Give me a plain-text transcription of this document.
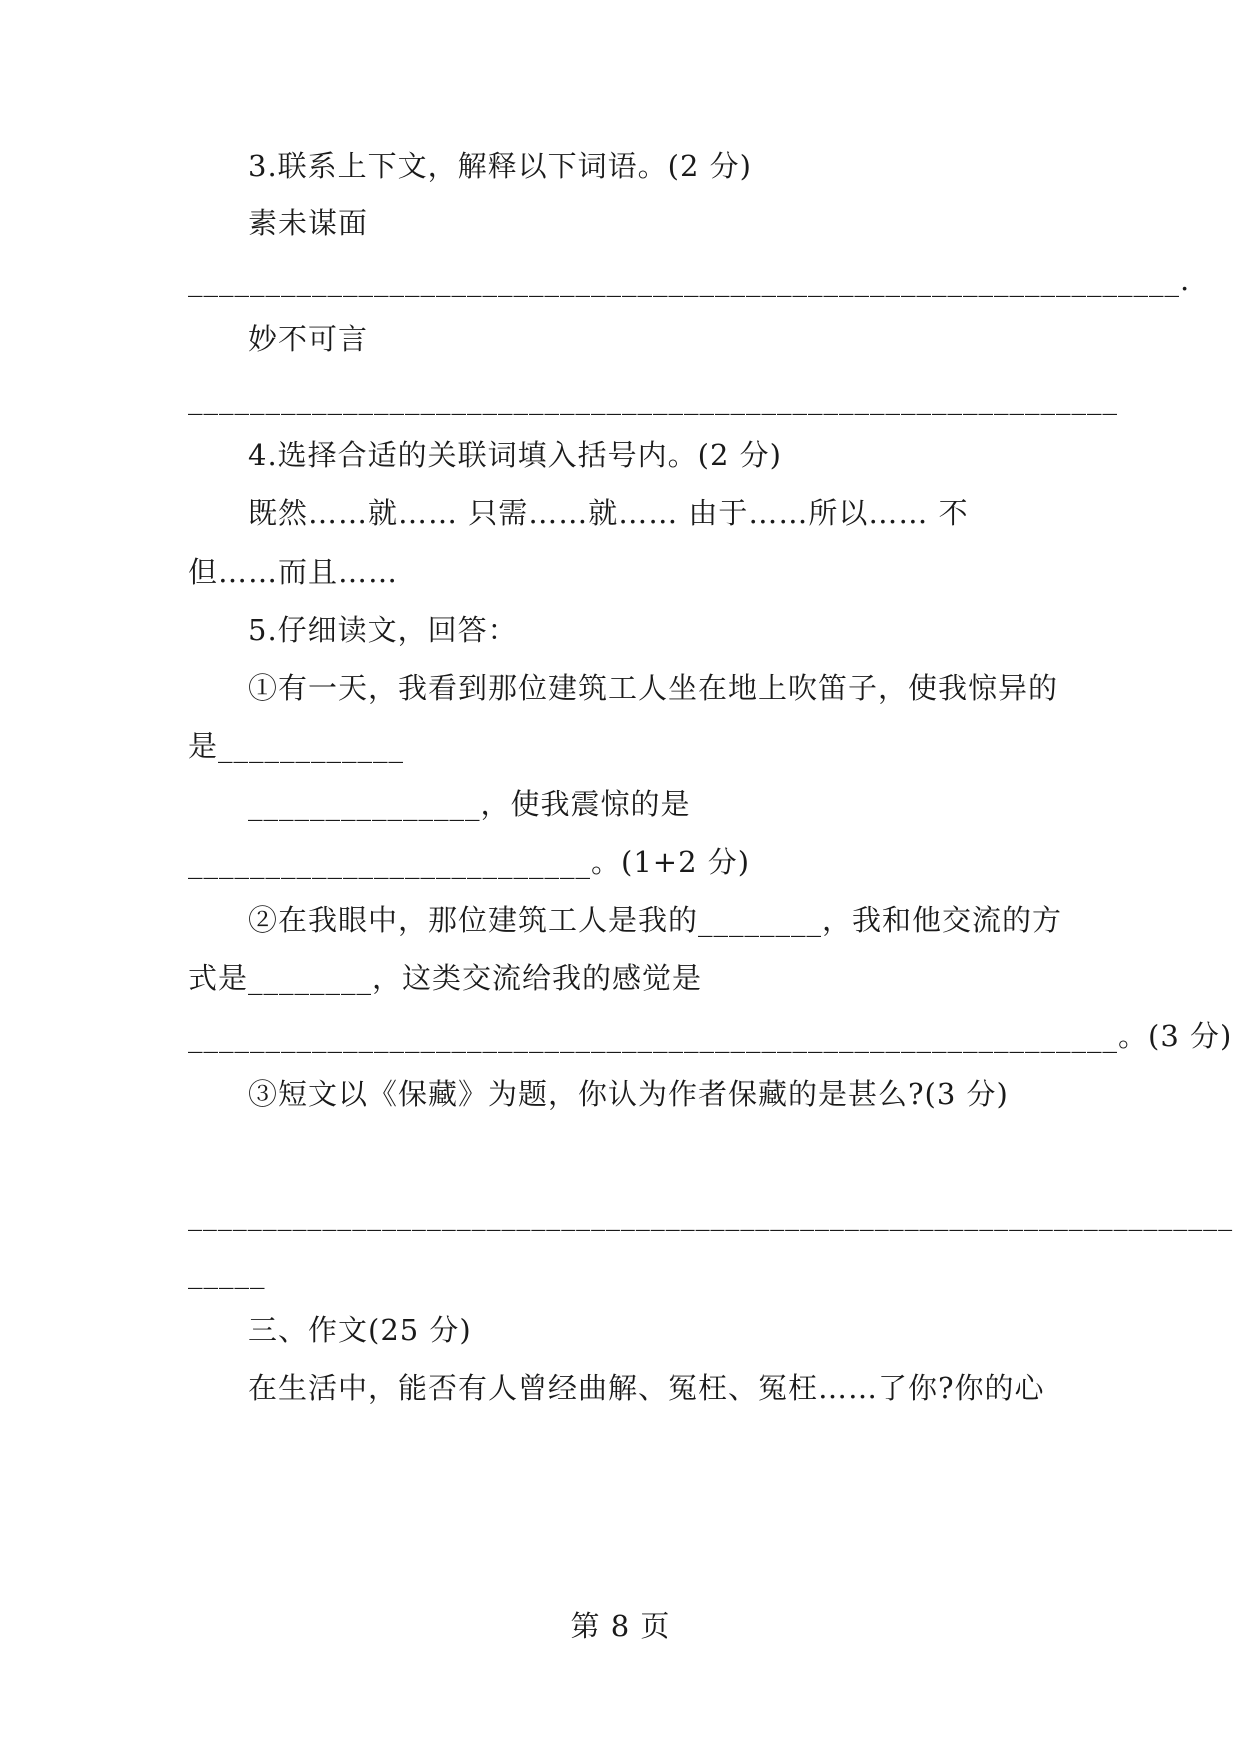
3.联系上下文，解释以下词语。(2 分)
素未谋面
________________________________________________________________.
妙不可言
____________________________________________________________
4.选择合适的关联词填入括号内。(2 分)
既然……就…… 只需……就…… 由于……所以…… 不
但……而且……
5.仔细读文，回答：
①有一天，我看到那位建筑工人坐在地上吹笛子，使我惊异的
是____________
_______________，使我震惊的是
__________________________。(1+2 分)
②在我眼中，那位建筑工人是我的________，我和他交流的方
式是________，这类交流给我的感觉是
____________________________________________________________。(3 分)
③短文以《保藏》为题，你认为作者保藏的是甚么?(3 分)
______________________________________________________________________
_____
三、作文(25 分)
在生活中，能否有人曾经曲解、冤枉、冤枉……了你?你的心
第 8 页
